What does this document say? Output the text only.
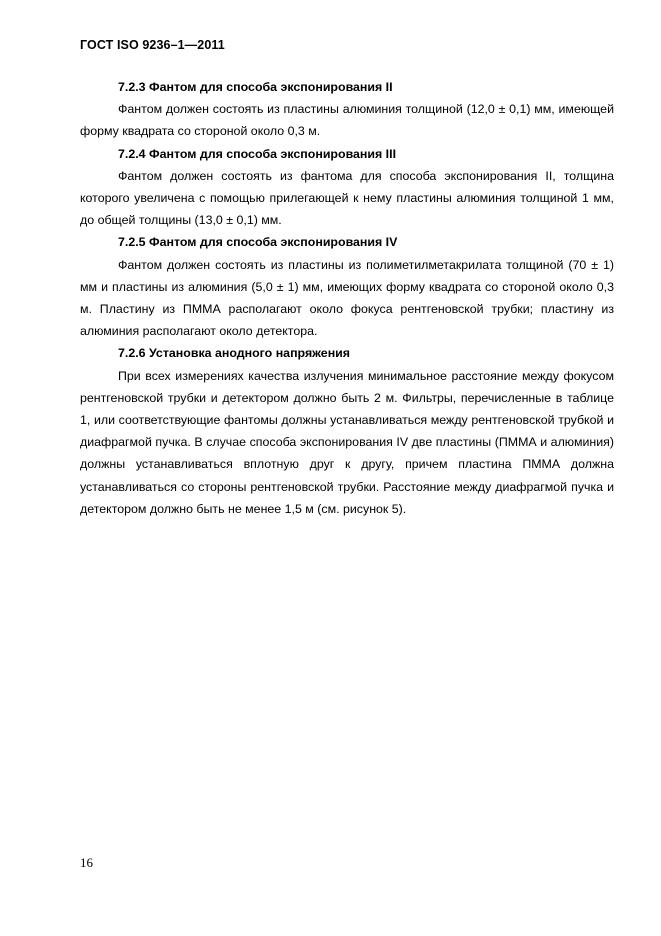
ГОСТ ISO 9236–1—2011

7.2.3 Фантом для способа экспонирования II

Фантом должен состоять из пластины алюминия толщиной (12,0 ± 0,1) мм, имеющей форму квадрата со стороной около 0,3 м.

7.2.4 Фантом для способа экспонирования III

Фантом должен состоять из фантома для способа экспонирования II, толщина которого увеличена с помощью прилегающей к нему пластины алюминия толщиной 1 мм, до общей толщины (13,0 ± 0,1) мм.

7.2.5 Фантом для способа экспонирования IV

Фантом должен состоять из пластины из полиметилметакрилата толщиной (70 ± 1) мм и пластины из алюминия (5,0 ± 1) мм, имеющих форму квадрата со стороной около 0,3 м. Пластину из ПММА располагают около фокуса рентгеновской трубки; пластину из алюминия располагают около детектора.

7.2.6 Установка анодного напряжения

При всех измерениях качества излучения минимальное расстояние между фокусом рентгеновской трубки и детектором должно быть 2 м. Фильтры, перечисленные в таблице 1, или соответствующие фантомы должны устанавливаться между рентгеновской трубкой и диафрагмой пучка. В случае способа экспонирования IV две пластины (ПММА и алюминия) должны устанавливаться вплотную друг к другу, причем пластина ПММА должна устанавливаться со стороны рентгеновской трубки. Расстояние между диафрагмой пучка и детектором должно быть не менее 1,5 м (см. рисунок 5).

16
